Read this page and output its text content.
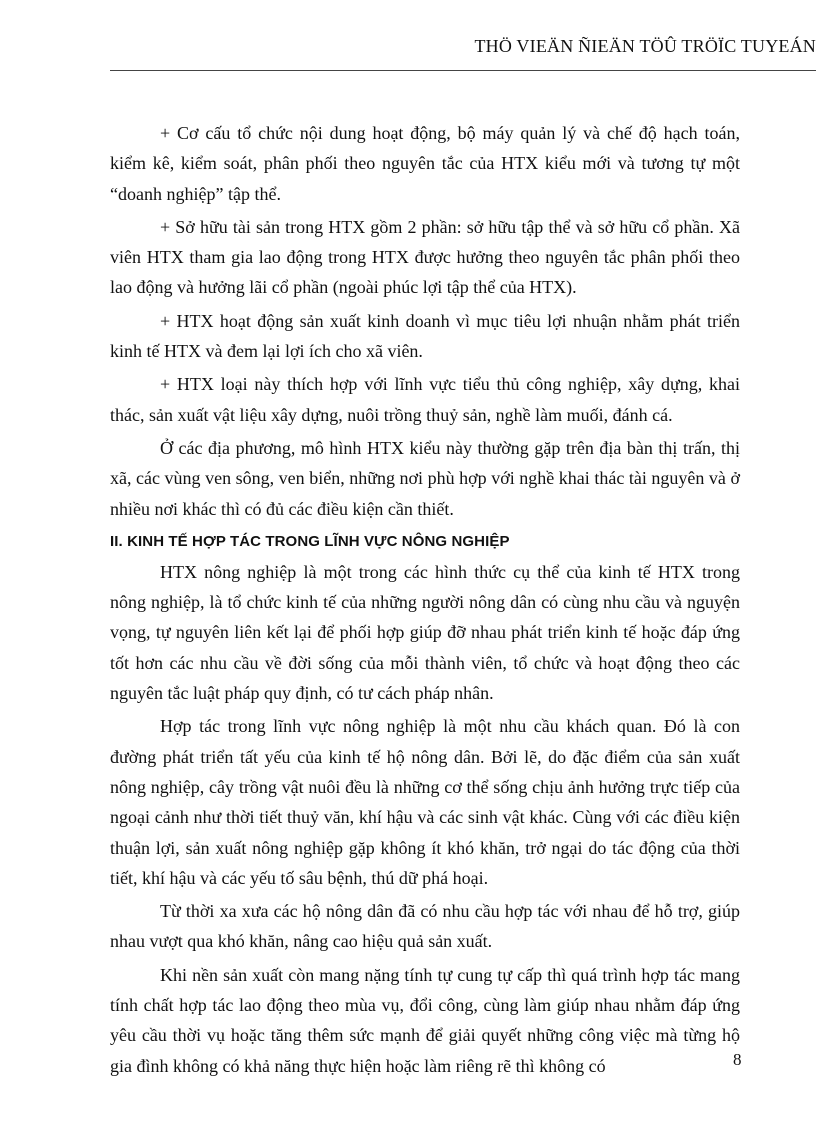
THÖ VIEÄN ÑIEÄN TÖÛ TRÖÏC TUYEÁN

+ Cơ cấu tổ chức nội dung hoạt động, bộ máy quản lý và chế độ hạch toán, kiểm kê, kiểm soát, phân phối theo nguyên tắc của HTX kiểu mới và tương tự một “doanh nghiệp” tập thể.

+ Sở hữu tài sản trong HTX gồm 2 phần: sở hữu tập thể và sở hữu cổ phần. Xã viên HTX tham gia lao động trong HTX được hưởng theo nguyên tắc phân phối theo lao động và hưởng lãi cổ phần (ngoài phúc lợi tập thể của HTX).

+ HTX hoạt động sản xuất kinh doanh vì mục tiêu lợi nhuận nhằm phát triển kinh tế HTX và đem lại lợi ích cho xã viên.

+ HTX loại này thích hợp với lĩnh vực tiểu thủ công nghiệp, xây dựng, khai thác, sản xuất vật liệu xây dựng, nuôi trồng thuỷ sản, nghề làm muối, đánh cá.

Ở các địa phương, mô hình HTX kiểu này thường gặp trên địa bàn thị trấn, thị xã, các vùng ven sông, ven biển, những nơi phù hợp với nghề khai thác tài nguyên và ở nhiều nơi khác thì có đủ các điều kiện cần thiết.

II. KINH TẾ HỢP TÁC TRONG LĨNH VỰC NÔNG NGHIỆP

HTX nông nghiệp là một trong các hình thức cụ thể của kinh tế HTX trong nông nghiệp, là tổ chức kinh tế của những người nông dân có cùng nhu cầu và nguyện vọng, tự nguyên liên kết lại để phối hợp giúp đỡ nhau phát triển kinh tế hoặc đáp ứng tốt hơn các nhu cầu về đời sống của mỗi thành viên, tổ chức và hoạt động theo các nguyên tắc luật pháp quy định, có tư cách pháp nhân.

Hợp tác trong lĩnh vực nông nghiệp là một nhu cầu khách quan. Đó là con đường phát triển tất yếu của kinh tế hộ nông dân. Bởi lẽ, do đặc điểm của sản xuất nông nghiệp, cây trồng vật nuôi đều là những cơ thể sống chịu ảnh hưởng trực tiếp của ngoại cảnh như thời tiết thuỷ văn, khí hậu và các sinh vật khác. Cùng với các điều kiện thuận lợi, sản xuất nông nghiệp gặp không ít khó khăn, trở ngại do tác động của thời tiết, khí hậu và các yếu tố sâu bệnh, thú dữ phá hoại.

Từ thời xa xưa các hộ nông dân đã có nhu cầu hợp tác với nhau để hỗ trợ, giúp nhau vượt qua khó khăn, nâng cao hiệu quả sản xuất.

Khi nền sản xuất còn mang nặng tính tự cung tự cấp thì quá trình hợp tác mang tính chất hợp tác lao động theo mùa vụ, đổi công, cùng làm giúp nhau nhằm đáp ứng yêu cầu thời vụ hoặc tăng thêm sức mạnh để giải quyết những công việc mà từng hộ gia đình không có khả năng thực hiện hoặc làm riêng rẽ thì không có	8
